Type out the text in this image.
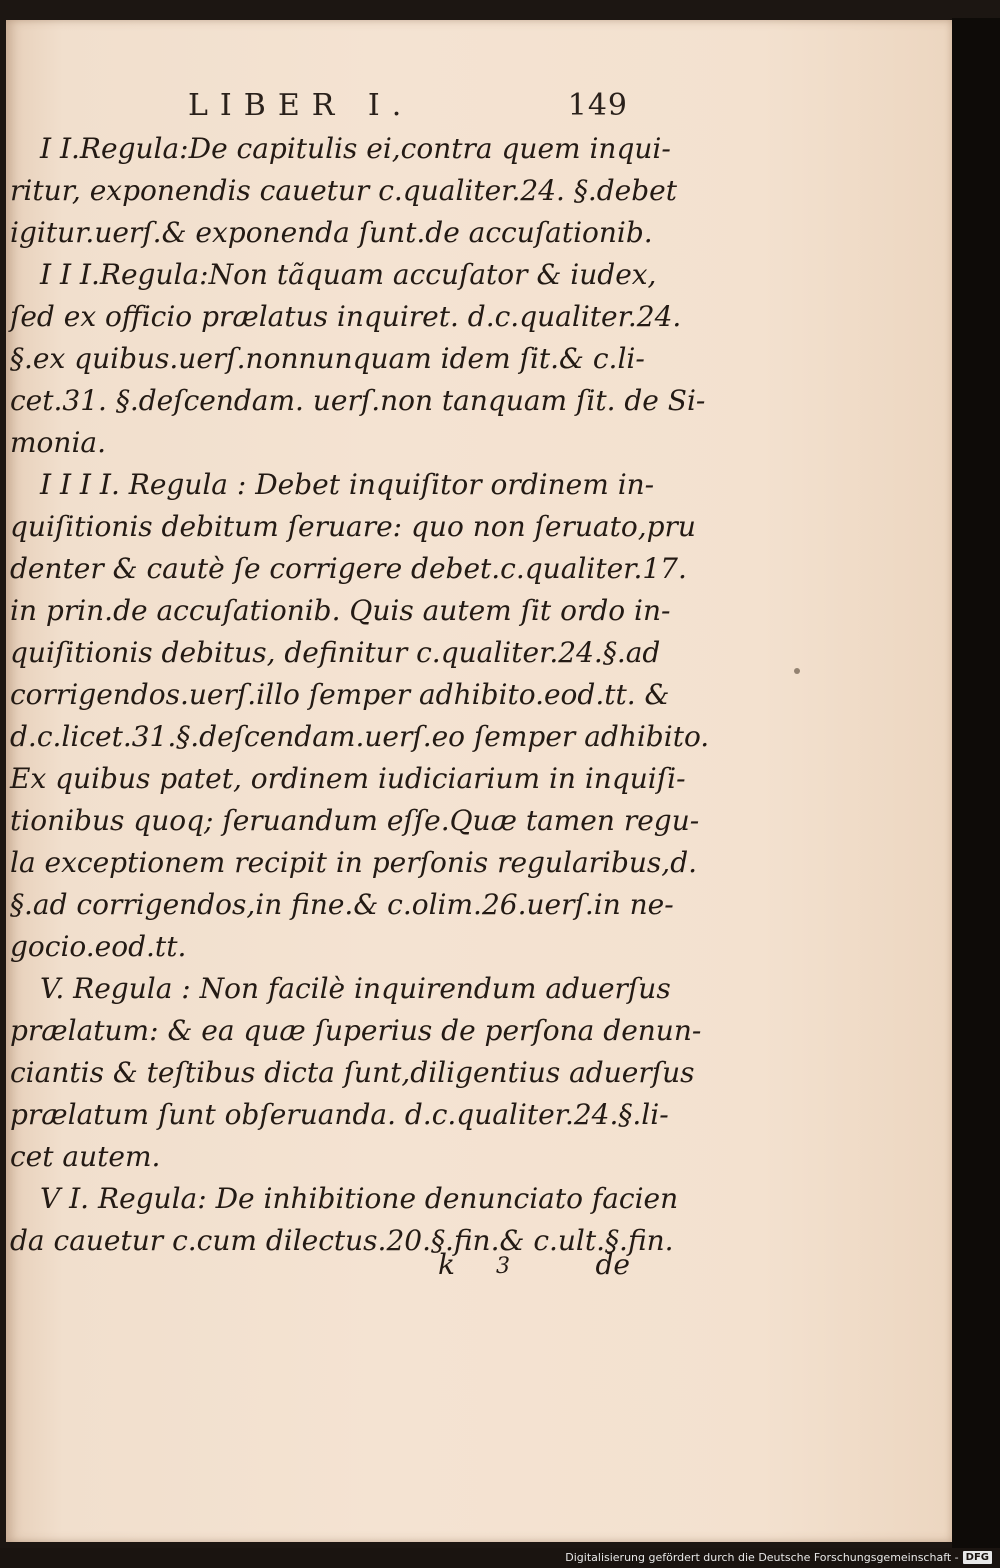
LIBER I.	149
I I.Regula:De capitulis ei,contra quem inqui-
ritur, exponendis cauetur c.qualiter.24. §.debet
igitur.uerſ.& exponenda ſunt.de accuſationib.
I I I.Regula:Non tãquam accuſator & iudex,
ſed ex officio prælatus inquiret. d.c.qualiter.24.
§.ex quibus.uerſ.nonnunquam idem ſit.& c.li-
cet.31. §.deſcendam. uerſ.non tanquam ſit. de Si-
monia.
I I I I. Regula : Debet inquiſitor ordinem in-
quiſitionis debitum ſeruare: quo non ſeruato,pru
denter & cautè ſe corrigere debet.c.qualiter.17.
in prin.de accuſationib. Quis autem ſit ordo in-
quiſitionis debitus, definitur c.qualiter.24.§.ad
corrigendos.uerſ.illo ſemper adhibito.eod.tt. &
d.c.licet.31.§.deſcendam.uerſ.eo ſemper adhibito.
Ex quibus patet, ordinem iudiciarium in inquiſi-
tionibus quoq; ſeruandum eſſe.Quæ tamen regu-
la exceptionem recipit in perſonis regularibus,d.
§.ad corrigendos,in fine.& c.olim.26.uerſ.in ne-
gocio.eod.tt.
V. Regula : Non facilè inquirendum aduerſus
prælatum: & ea quæ ſuperius de perſona denun-
ciantis & teſtibus dicta ſunt,diligentius aduerſus
prælatum ſunt obſeruanda. d.c.qualiter.24.§.li-
cet autem.
V I. Regula: De inhibitione denunciato facien
da cauetur c.cum dilectus.20.§.fin.& c.ult.§.fin.
k 3	de
Digitalisierung gefördert durch die Deutsche Forschungsgemeinschaft - DFG
